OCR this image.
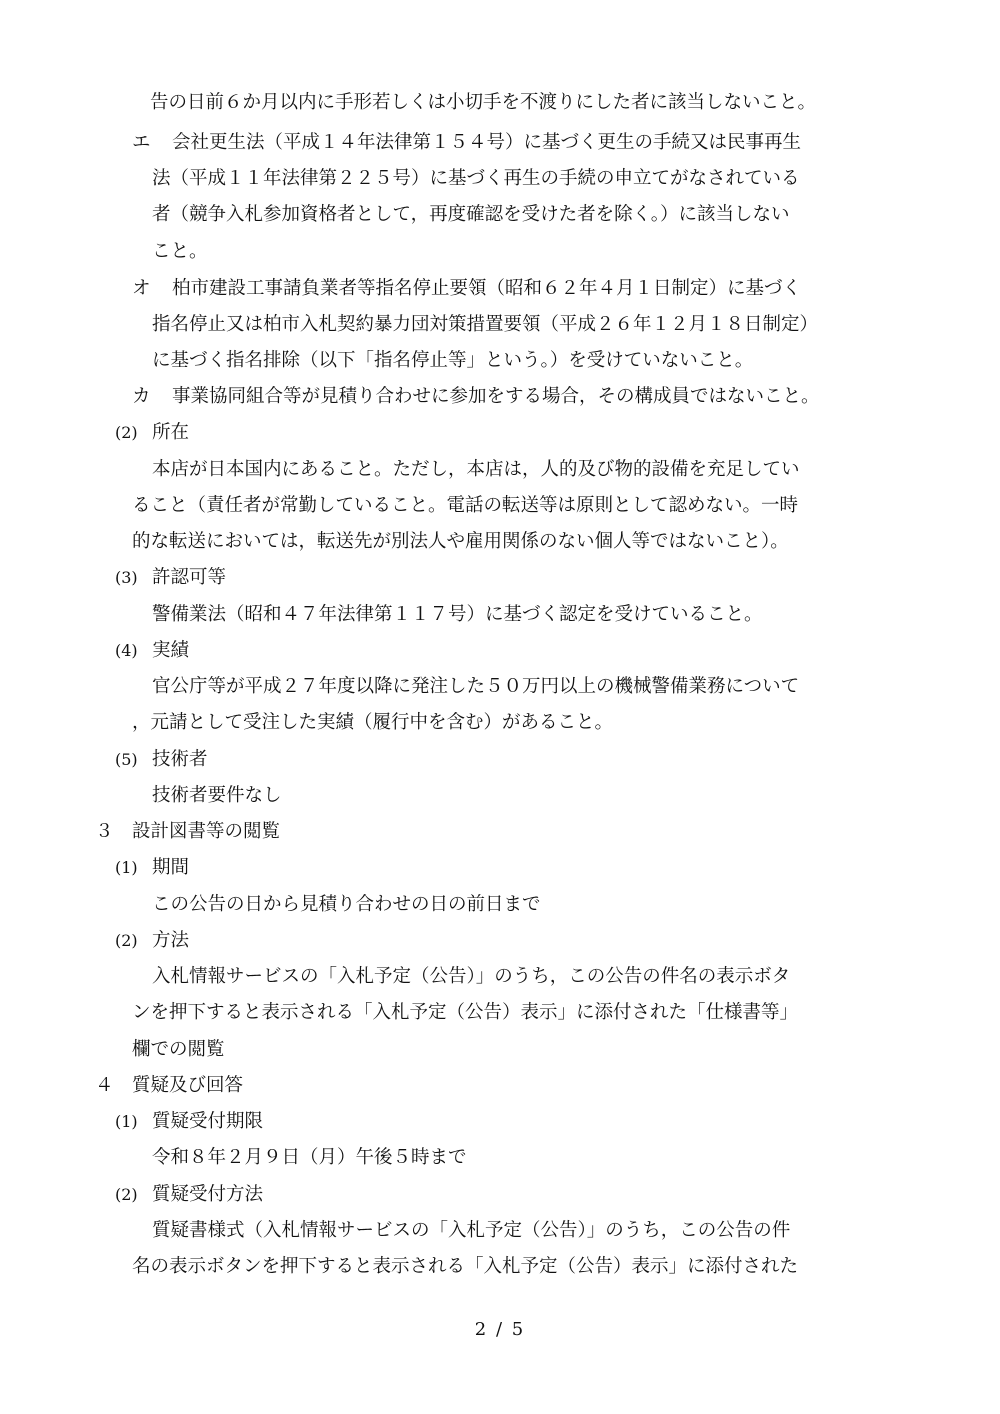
告の日前６か月以内に手形若しくは小切手を不渡りにした者に該当しないこと。
エ 会社更生法（平成１４年法律第１５４号）に基づく更生の手続又は民事再生
法（平成１１年法律第２２５号）に基づく再生の手続の申立てがなされている
者（競争入札参加資格者として，再度確認を受けた者を除く。）に該当しない
こと。
オ 柏市建設工事請負業者等指名停止要領（昭和６２年４月１日制定）に基づく
指名停止又は柏市入札契約暴力団対策措置要領（平成２６年１２月１８日制定）
に基づく指名排除（以下「指名停止等」という。）を受けていないこと。
カ 事業協同組合等が見積り合わせに参加をする場合，その構成員ではないこと。
(2) 所在
本店が日本国内にあること。ただし，本店は，人的及び物的設備を充足してい
ること（責任者が常勤していること。電話の転送等は原則として認めない。一時
的な転送においては，転送先が別法人や雇用関係のない個人等ではないこと）。
(3) 許認可等
警備業法（昭和４７年法律第１１７号）に基づく認定を受けていること。
(4) 実績
官公庁等が平成２７年度以降に発注した５０万円以上の機械警備業務について
，元請として受注した実績（履行中を含む）があること。
(5) 技術者
技術者要件なし
３ 設計図書等の閲覧
(1) 期間
この公告の日から見積り合わせの日の前日まで
(2) 方法
入札情報サービスの「入札予定（公告）」のうち，この公告の件名の表示ボタ
ンを押下すると表示される「入札予定（公告）表示」に添付された「仕様書等」
欄での閲覧
４ 質疑及び回答
(1) 質疑受付期限
令和８年２月９日（月）午後５時まで
(2) 質疑受付方法
質疑書様式（入札情報サービスの「入札予定（公告）」のうち，この公告の件
名の表示ボタンを押下すると表示される「入札予定（公告）表示」に添付された
2 / 5
